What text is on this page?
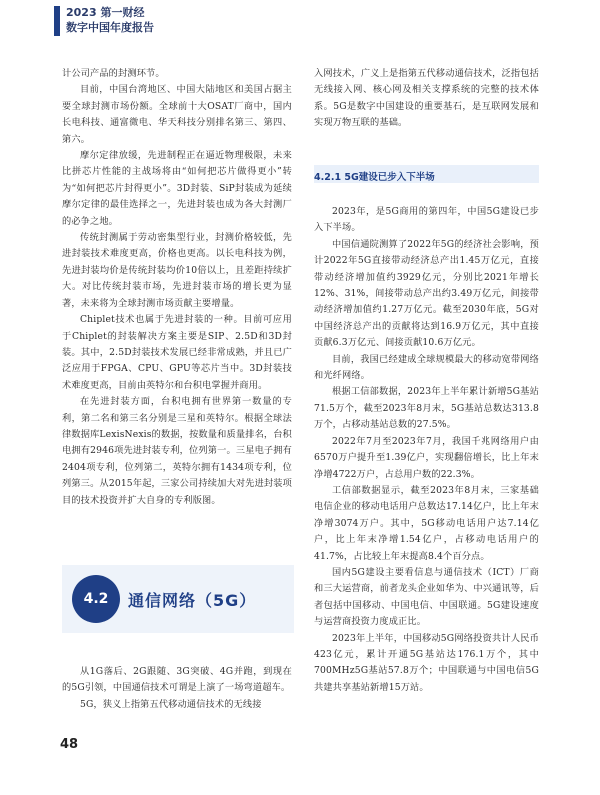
2023 第一财经
数字中国年度报告

计公司产品的封测环节。

目前，中国台湾地区、中国大陆地区和美国占据主要全球封测市场份额。全球前十大OSAT厂商中，国内长电科技、通富微电、华天科技分别排名第三、第四、第六。

摩尔定律放缓，先进制程正在逼近物理极限，未来比拼芯片性能的主战场将由“如何把芯片做得更小”转为“如何把芯片封得更小”。3D封装、SiP封装成为延续摩尔定律的最佳选择之一，先进封装也成为各大封测厂的必争之地。

传统封测属于劳动密集型行业，封测价格较低，先进封装技术难度更高，价格也更高。以长电科技为例，先进封装均价是传统封装均价10倍以上，且差距持续扩大。对比传统封装市场，先进封装市场的增长更为显著，未来将为全球封测市场贡献主要增量。

Chiplet技术也属于先进封装的一种。目前可应用于Chiplet的封装解决方案主要是SIP、2.5D和3D封装。其中，2.5D封装技术发展已经非常成熟，并且已广泛应用于FPGA、CPU、GPU等芯片当中。3D封装技术难度更高，目前由英特尔和台积电掌握并商用。

在先进封装方面，台积电拥有世界第一数量的专利，第二名和第三名分别是三星和英特尔。根据全球法律数据库LexisNexis的数据，按数量和质量排名，台积电拥有2946项先进封装专利，位列第一。三星电子拥有2404项专利，位列第二，英特尔拥有1434项专利，位列第三。从2015年起，三家公司持续加大对先进封装项目的技术投资并扩大自身的专利版图。

4.2	通信网络（5G）

从1G落后、2G跟随、3G突破、4G并跑，到现在的5G引领，中国通信技术可谓是上演了一场弯道超车。

5G，狭义上指第五代移动通信技术的无线接

入网技术，广义上是指第五代移动通信技术，泛指包括无线接入网、核心网及相关支撑系统的完整的技术体系。5G是数字中国建设的重要基石，是互联网发展和实现万物互联的基础。

4.2.1 5G建设已步入下半场

2023年，是5G商用的第四年，中国5G建设已步入下半场。

中国信通院测算了2022年5G的经济社会影响，预计2022年5G直接带动经济总产出1.45万亿元，直接带动经济增加值约3929亿元，分别比2021年增长12%、31%，间接带动总产出约3.49万亿元，间接带动经济增加值约1.27万亿元。截至2030年底，5G对中国经济总产出的贡献将达到16.9万亿元，其中直接贡献6.3万亿元、间接贡献10.6万亿元。

目前，我国已经建成全球规模最大的移动宽带网络和光纤网络。

根据工信部数据，2023年上半年累计新增5G基站71.5万个，截至2023年8月末，5G基站总数达313.8万个，占移动基站总数的27.5%。

2022年7月至2023年7月，我国千兆网络用户由6570万户提升至1.39亿户，实现翻倍增长，比上年末净增4722万户，占总用户数的22.3%。

工信部数据显示，截至2023年8月末，三家基础电信企业的移动电话用户总数达17.14亿户，比上年末净增3074万户。其中，5G移动电话用户达7.14亿户，比上年末净增1.54亿户，占移动电话用户的41.7%，占比较上年末提高8.4个百分点。

国内5G建设主要看信息与通信技术（ICT）厂商和三大运营商，前者龙头企业如华为、中兴通讯等，后者包括中国移动、中国电信、中国联通。5G建设速度与运营商投资力度成正比。

2023年上半年，中国移动5G网络投资共计人民币423亿元，累计开通5G基站达176.1万个，其中700MHz5G基站57.8万个；中国联通与中国电信5G共建共享基站新增15万站。

48
